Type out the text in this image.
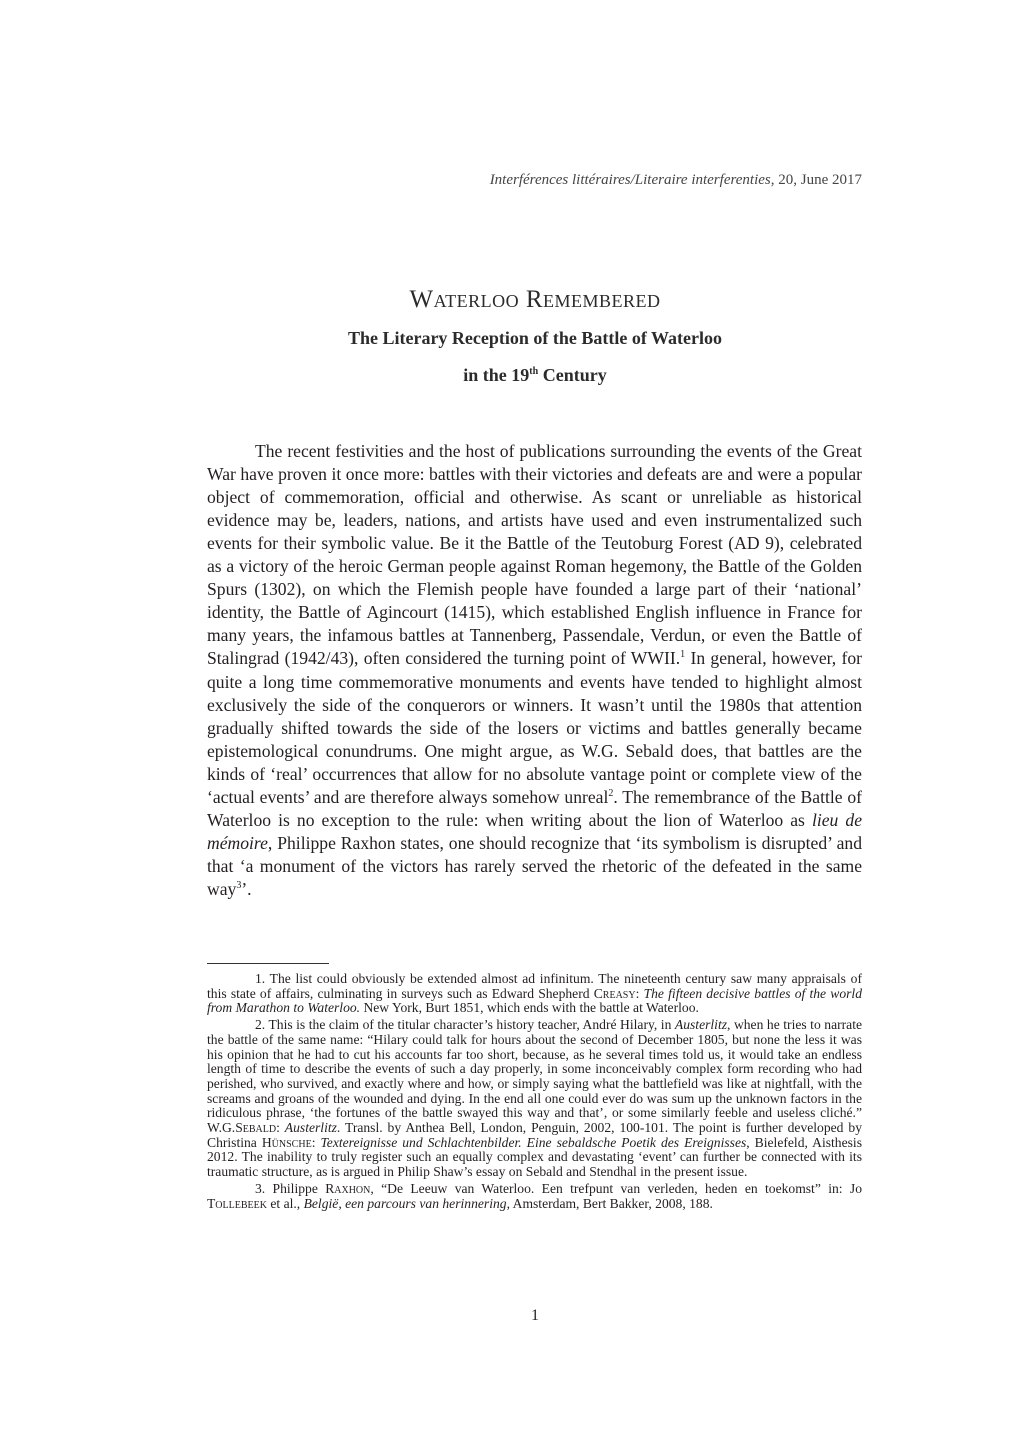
Interférences littéraires/Literaire interferenties, 20, June 2017
Waterloo Remembered
The Literary Reception of the Battle of Waterloo
in the 19th Century

The recent festivities and the host of publications surrounding the events of the Great War have proven it once more: battles with their victories and defeats are and were a popular object of commemoration, official and otherwise. As scant or unreliable as historical evidence may be, leaders, nations, and artists have used and even instrumentalized such events for their symbolic value. Be it the Battle of the Teutoburg Forest (AD 9), celebrated as a victory of the heroic German people against Roman hegemony, the Battle of the Golden Spurs (1302), on which the Flemish people have founded a large part of their ‘national’ identity, the Battle of Agincourt (1415), which established English influence in France for many years, the infamous battles at Tannenberg, Passendale, Verdun, or even the Battle of Stalingrad (1942/43), often considered the turning point of WWII.$^1$ In general, however, for quite a long time commemorative monuments and events have tended to highlight almost exclusively the side of the conquerors or winners. It wasn’t until the 1980s that attention gradually shifted towards the side of the losers or victims and battles generally became epistemological conundrums. One might argue, as W.G. Sebald does, that battles are the kinds of ‘real’ occurrences that allow for no absolute vantage point or complete view of the ‘actual events’ and are therefore always somehow unreal$^2$. The remembrance of the Battle of Waterloo is no exception to the rule: when writing about the lion of Waterloo as lieu de mémoire, Philippe Raxhon states, one should recognize that ‘its symbolism is disrupted’ and that ‘a monument of the victors has rarely served the rhetoric of the defeated in the same way$^3$’.

1. The list could obviously be extended almost ad infinitum. The nineteenth century saw many appraisals of this state of affairs, culminating in surveys such as Edward Shepherd Creasy: The fifteen decisive battles of the world from Marathon to Waterloo. New York, Burt 1851, which ends with the battle at Waterloo.

2. This is the claim of the titular character’s history teacher, André Hilary, in Austerlitz, when he tries to narrate the battle of the same name: “Hilary could talk for hours about the second of December 1805, but none the less it was his opinion that he had to cut his accounts far too short, because, as he several times told us, it would take an endless length of time to describe the events of such a day properly, in some inconceivably complex form recording who had perished, who survived, and exactly where and how, or simply saying what the battlefield was like at nightfall, with the screams and groans of the wounded and dying. In the end all one could ever do was sum up the unknown factors in the ridiculous phrase, ‘the fortunes of the battle swayed this way and that’, or some similarly feeble and useless cliché.” W.G.Sebald: Austerlitz. Transl. by Anthea Bell, London, Penguin, 2002, 100-101. The point is further developed by Christina Hünsche: Textereignisse und Schlachtenbilder. Eine sebaldsche Poetik des Ereignisses, Bielefeld, Aisthesis 2012. The inability to truly register such an equally complex and devastating ‘event’ can further be connected with its traumatic structure, as is argued in Philip Shaw’s essay on Sebald and Stendhal in the present issue.

3. Philippe Raxhon, “De Leeuw van Waterloo. Een trefpunt van verleden, heden en toekomst” in: Jo Tollebeek et al., België, een parcours van herinnering, Amsterdam, Bert Bakker, 2008, 188.

1
